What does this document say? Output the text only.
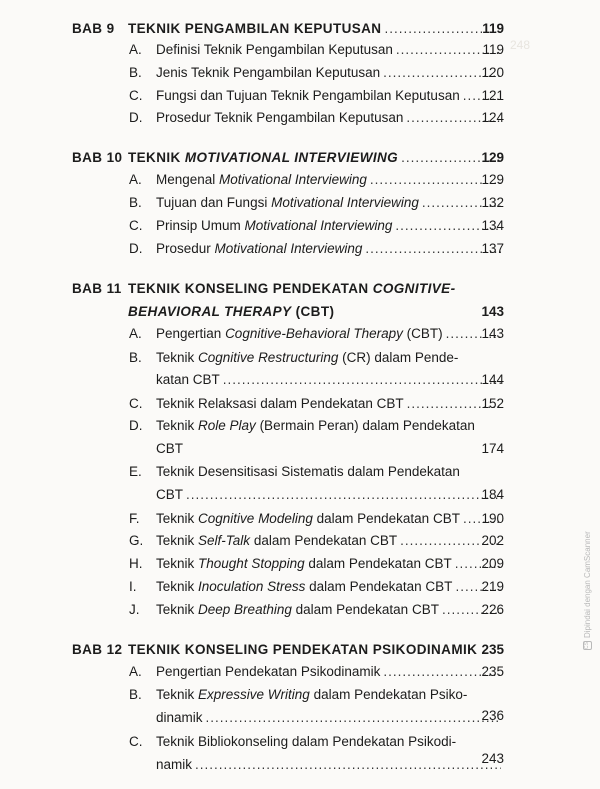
248
BAB 9 TEKNIK PENGAMBILAN KEPUTUSAN .....	119
A.	Definisi Teknik Pengambilan Keputusan .....	119
B.	Jenis Teknik Pengambilan Keputusan .....	120
C.	Fungsi dan Tujuan Teknik Pengambilan Keputusan .....	121
D.	Prosedur Teknik Pengambilan Keputusan .....	124
BAB 10 TEKNIK MOTIVATIONAL INTERVIEWING .....	129
A.	Mengenal Motivational Interviewing .....	129
B.	Tujuan dan Fungsi Motivational Interviewing .....	132
C.	Prinsip Umum Motivational Interviewing .....	134
D.	Prosedur Motivational Interviewing .....	137
BAB 11 TEKNIK KONSELING PENDEKATAN COGNITIVE-
BEHAVIORAL THERAPY (CBT)	143
A.	Pengertian Cognitive-Behavioral Therapy (CBT) .....	143
B.	Teknik Cognitive Restructuring (CR) dalam Pende-
katan CBT .....	144
C.	Teknik Relaksasi dalam Pendekatan CBT .....	152
D.	Teknik Role Play (Bermain Peran) dalam Pendekatan
CBT	174
E.	Teknik Desensitisasi Sistematis dalam Pendekatan
CBT .....	184
F.	Teknik Cognitive Modeling dalam Pendekatan CBT .....	190
G. Teknik Self-Talk dalam Pendekatan CBT .....	202
H.	Teknik Thought Stopping dalam Pendekatan CBT .....	209
I.	Teknik Inoculation Stress dalam Pendekatan CBT .....	219
J.	Teknik Deep Breathing dalam Pendekatan CBT .....	226
BAB 12 TEKNIK KONSELING PENDEKATAN PSIKODINAMIK 235
A.	Pengertian Pendekatan Psikodinamik .....	235
B.	Teknik Expressive Writing dalam Pendekatan Psiko-
dinamik .....	236
C.	Teknik Bibliokonseling dalam Pendekatan Psikodi-
namik .....	243
CS
Dipindai dengan CamScanner
